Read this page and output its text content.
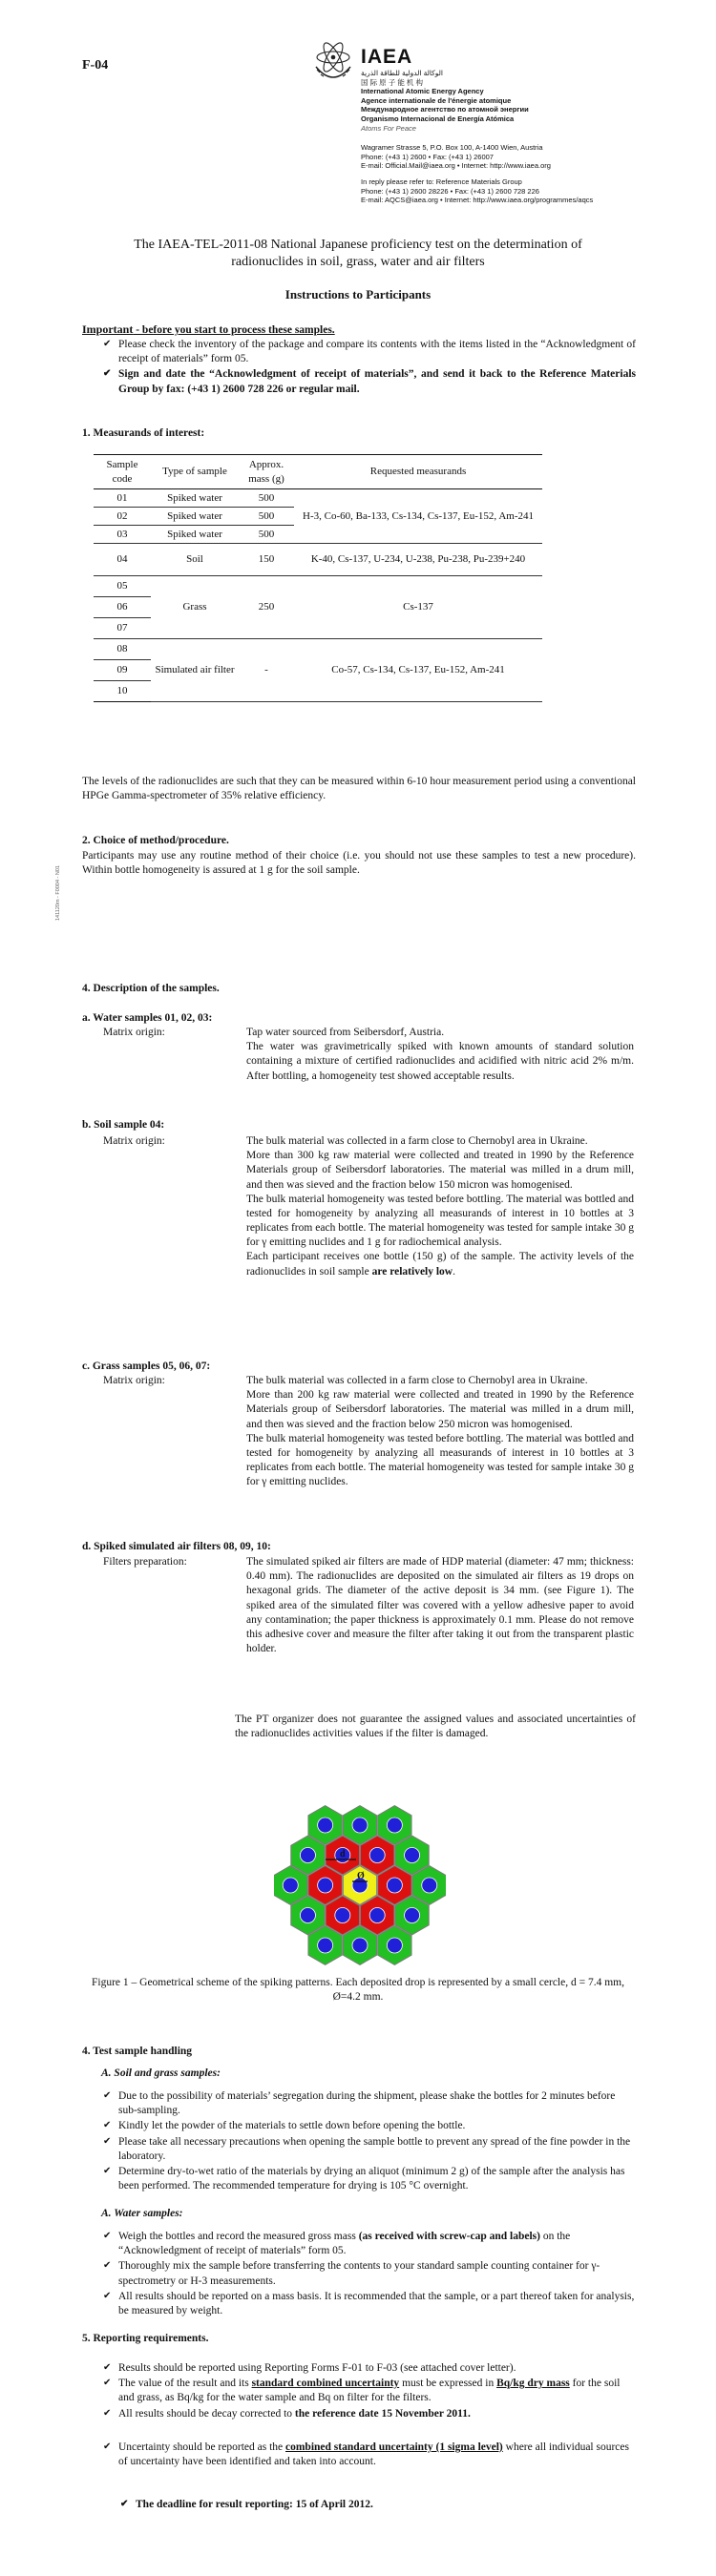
F-04	IAEA
الوكالة الدولية للطاقة الذرية
国 际 原 子 能 机 构
International Atomic Energy Agency
Agence internationale de l'énergie atomique
Международное агентство по атомной энергии
Organismo Internacional de Energía Atómica
Atoms For Peace
Wagramer Strasse 5, P.O. Box 100, A-1400 Wien, Austria
Phone: (+43 1) 2600 • Fax: (+43 1) 26007
E-mail: Official.Mail@iaea.org • Internet: http://www.iaea.org
In reply please refer to: Reference Materials Group
Phone: (+43 1) 2600 28226 • Fax: (+43 1) 2600 728 226
E-mail: AQCS@iaea.org • Internet: http://www.iaea.org/programmes/aqcs
The IAEA-TEL-2011-08 National Japanese proficiency test on the determination of radionuclides in soil, grass, water and air filters
Instructions to Participants
Important - before you start to process these samples.
✔ Please check the inventory of the package and compare its contents with the items listed in the “Acknowledgment of receipt of materials” form 05.
✔ Sign and date the “Acknowledgment of receipt of materials”, and send it back to the Reference Materials Group by fax: (+43 1) 2600 728 226 or regular mail.
1. Measurands of interest:
Sample code	Type of sample	Approx. mass (g)	Requested measurands
01	Spiked water	500	H-3, Co-60, Ba-133, Cs-134, Cs-137, Eu-152, Am-241
02	Spiked water	500	
03	Spiked water	500	
04	Soil	150	K-40, Cs-137, U-234, U-238, Pu-238, Pu-239+240
05	Grass	250	Cs-137
06			
07			
08	Simulated air filter	-	Co-57, Cs-134, Cs-137, Eu-152, Am-241
09			
10			
The levels of the radionuclides are such that they can be measured within 6-10 hour measurement period using a conventional HPGe Gamma-spectrometer of 35% relative efficiency.
141120m - F0004 - N01
2. Choice of method/procedure.
Participants may use any routine method of their choice (i.e. you should not use these samples to test a new procedure). Within bottle homogeneity is assured at 1 g for the soil sample.
4. Description of the samples.
a. Water samples 01, 02, 03:
Matrix origin:	Tap water sourced from Seibersdorf, Austria.

The water was gravimetrically spiked with known amounts of standard solution containing a mixture of certified radionuclides and acidified with nitric acid 2% m/m. After bottling, a homogeneity test showed acceptable results.

b. Soil sample 04:
Matrix origin:	The bulk material was collected in a farm close to Chernobyl area in Ukraine.

More than 300 kg raw material were collected and treated in 1990 by the Reference Materials group of Seibersdorf laboratories. The material was milled in a drum mill, and then was sieved and the fraction below 150 micron was homogenised.

The bulk material homogeneity was tested before bottling. The material was bottled and tested for homogeneity by analyzing all measurands of interest in 10 bottles at 3 replicates from each bottle. The material homogeneity was tested for sample intake 30 g for γ emitting nuclides and 1 g for radiochemical analysis.

Each participant receives one bottle (150 g) of the sample. The activity levels of the radionuclides in soil sample are relatively low.

c. Grass samples 05, 06, 07:
Matrix origin:	The bulk material was collected in a farm close to Chernobyl area in Ukraine.

More than 200 kg raw material were collected and treated in 1990 by the Reference Materials group of Seibersdorf laboratories. The material was milled in a drum mill, and then was sieved and the fraction below 250 micron was homogenised.

The bulk material homogeneity was tested before bottling. The material was bottled and tested for homogeneity by analyzing all measurands of interest in 10 bottles at 3 replicates from each bottle. The material homogeneity was tested for sample intake 30 g for γ emitting nuclides.

d. Spiked simulated air filters 08, 09, 10:
Filters preparation:	The simulated spiked air filters are made of HDP material (diameter: 47 mm; thickness: 0.40 mm). The radionuclides are deposited on the simulated air filters as 19 drops on hexagonal grids. The diameter of the active deposit is 34 mm. (see Figure 1). The spiked area of the simulated filter was covered with a yellow adhesive paper to avoid any contamination; the paper thickness is approximately 0.1 mm. Please do not remove this adhesive cover and measure the filter after taking it out from the transparent plastic holder.
The PT organizer does not guarantee the assigned values and associated uncertainties of the radionuclides activities values if the filter is damaged.
d
Ø
Figure 1 – Geometrical scheme of the spiking patterns. Each deposited drop is represented by a small cercle, d = 7.4 mm, Ø=4.2 mm.
4. Test sample handling
A. Soil and grass samples:
✔ Due to the possibility of materials’ segregation during the shipment, please shake the bottles for 2 minutes before sub-sampling.
✔ Kindly let the powder of the materials to settle down before opening the bottle.
✔ Please take all necessary precautions when opening the sample bottle to prevent any spread of the fine powder in the laboratory.
✔ Determine dry-to-wet ratio of the materials by drying an aliquot (minimum 2 g) of the sample after the analysis has been performed. The recommended temperature for drying is 105 °C overnight.
A. Water samples:
✔ Weigh the bottles and record the measured gross mass (as received with screw-cap and labels) on the “Acknowledgment of receipt of materials” form 05.
✔ Thoroughly mix the sample before transferring the contents to your standard sample counting container for γ-spectrometry or H-3 measurements.
✔ All results should be reported on a mass basis. It is recommended that the sample, or a part thereof taken for analysis, be measured by weight.
5. Reporting requirements.
✔ Results should be reported using Reporting Forms F-01 to F-03 (see attached cover letter).
✔ The value of the result and its standard combined uncertainty must be expressed in Bq/kg dry mass for the soil and grass, as Bq/kg for the water sample and Bq on filter for the filters.
✔ All results should be decay corrected to the reference date 15 November 2011.
✔ Uncertainty should be reported as the combined standard uncertainty (1 sigma level) where all individual sources of uncertainty have been identified and taken into account.
✔ The deadline for result reporting: 15 of April 2012.
